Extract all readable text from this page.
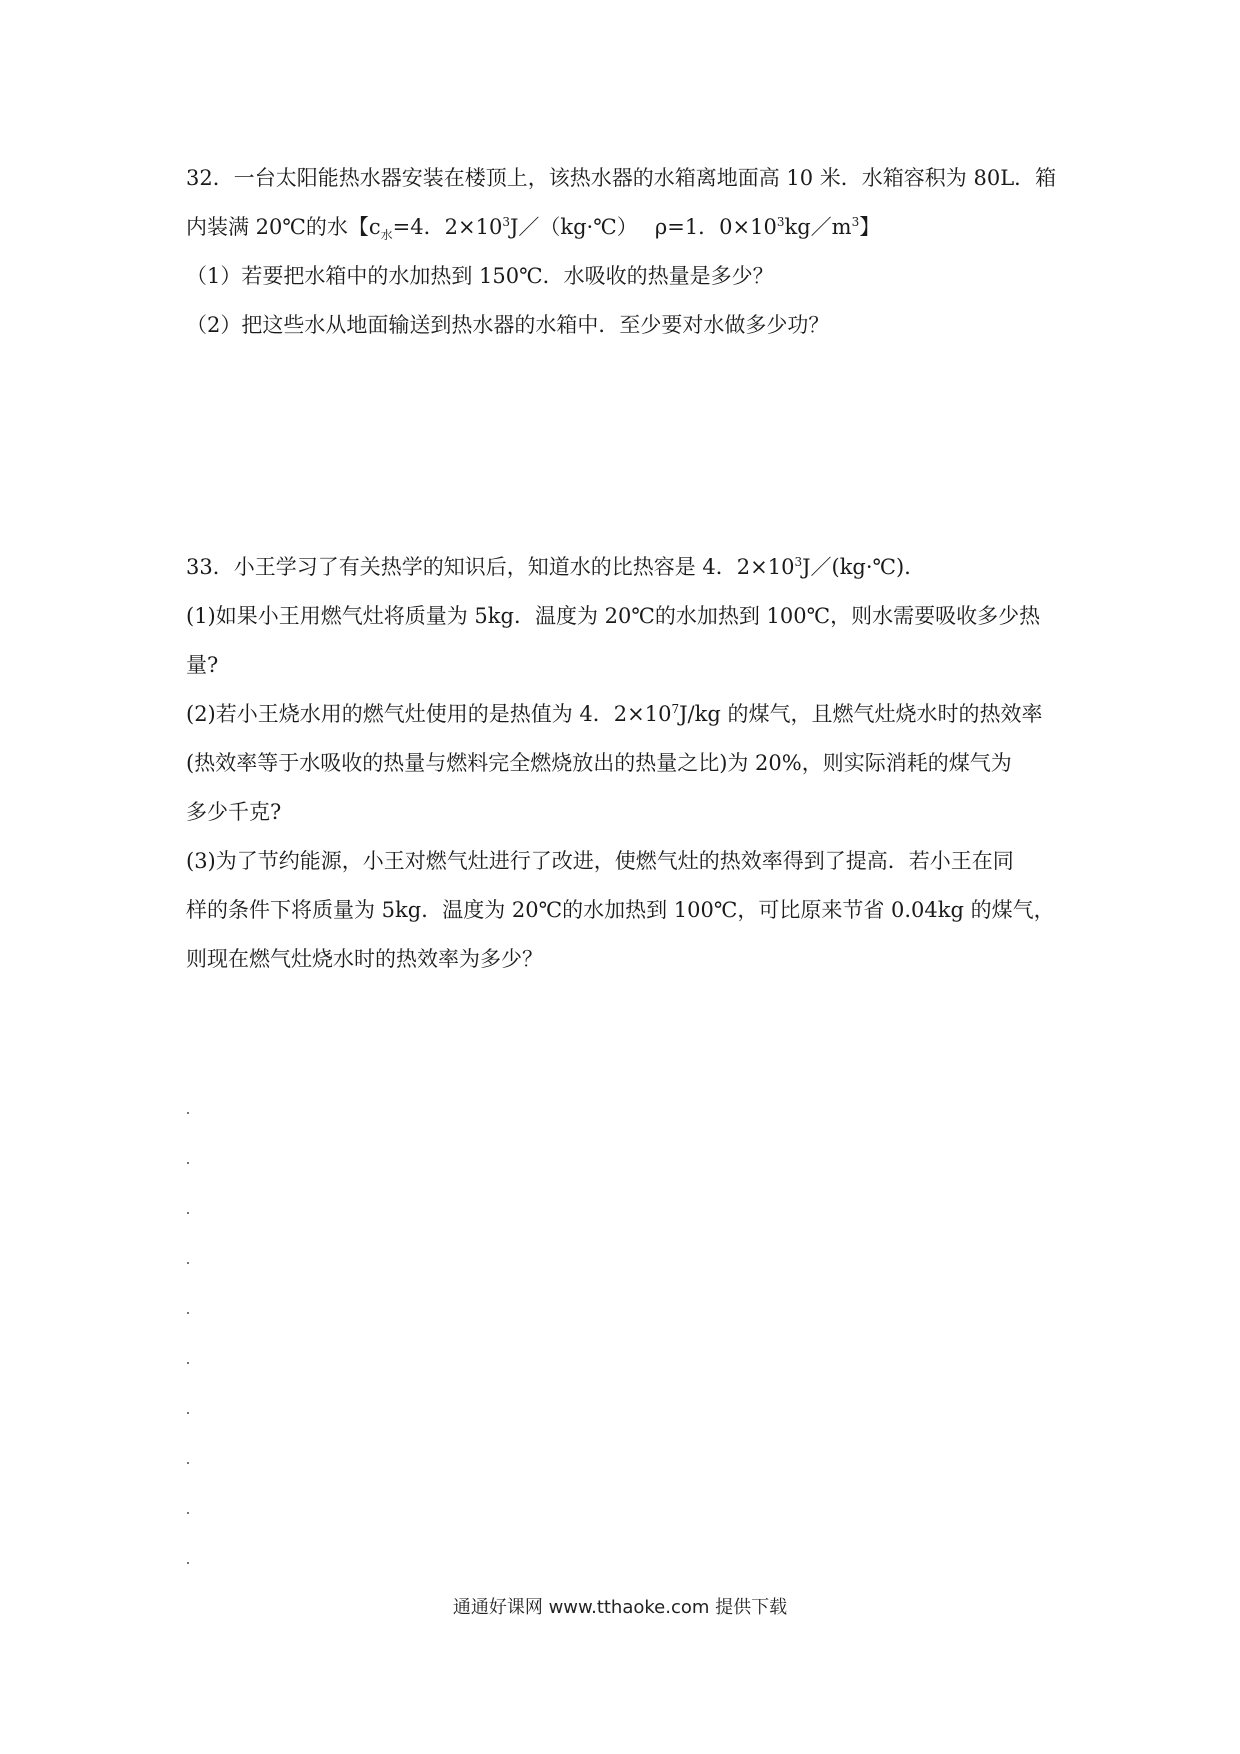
32．一台太阳能热水器安装在楼顶上，该热水器的水箱离地面高 10 米．水箱容积为 80L．箱

内装满 20℃的水【$c_水=4$．$2\times 10^3J/(kg\cdot℃)$　 ρ=1．$0\times 10^3kg/m^3$】

（1）若要把水箱中的水加热到 150℃．水吸收的热量是多少？

（2）把这些水从地面输送到热水器的水箱中．至少要对水做多少功？

33．小王学习了有关热学的知识后，知道水的比热容是 4．$2\times 10^3J/(kg\cdot℃)$．

(1)如果小王用燃气灶将质量为 5kg．温度为 20℃的水加热到 100℃，则水需要吸收多少热

量?

(2)若小王烧水用的燃气灶使用的是热值为 4．$2\times 10^7J/kg$ 的煤气，且燃气灶烧水时的热效率

(热效率等于水吸收的热量与燃料完全燃烧放出的热量之比)为 20%，则实际消耗的煤气为

多少千克?

(3)为了节约能源，小王对燃气灶进行了改进，使燃气灶的热效率得到了提高．若小王在同

样的条件下将质量为 5kg．温度为 20℃的水加热到 100℃，可比原来节省 0.04kg 的煤气，

则现在燃气灶烧水时的热效率为多少？

通通好课网 www.tthaoke.com 提供下载
